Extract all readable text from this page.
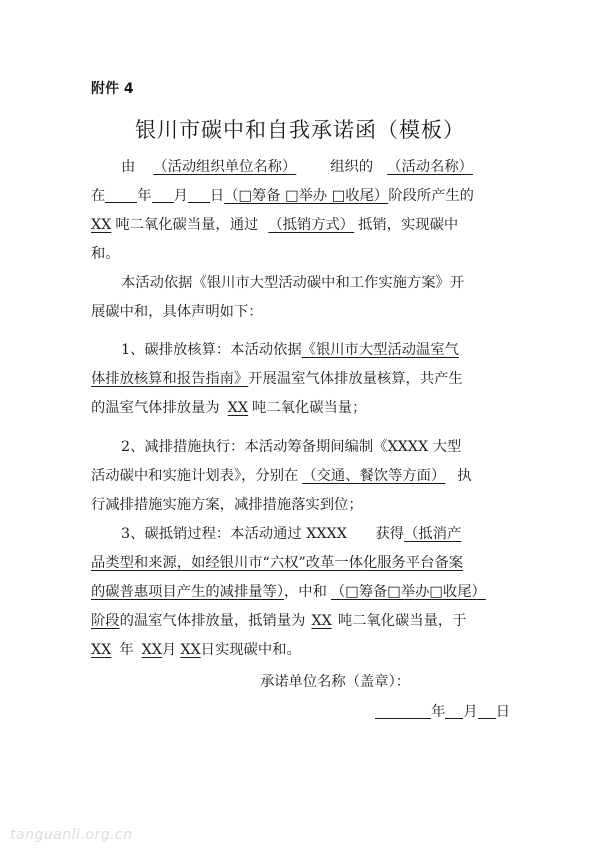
附件 4
银川市碳中和自我承诺函（模板）
由 （活动组织单位名称） 组织的 （活动名称）
在 年 月 日（□筹备 □举办 □收尾）阶段所产生的
XX 吨二氧化碳当量，通过 （抵销方式） 抵销，实现碳中
和。
本活动依据《银川市大型活动碳中和工作实施方案》开
展碳中和，具体声明如下：
1、碳排放核算：本活动依据《银川市大型活动温室气
体排放核算和报告指南》开展温室气体排放量核算，共产生
的温室气体排放量为 XX 吨二氧化碳当量；
2、减排措施执行：本活动筹备期间编制《XXXX 大型
活动碳中和实施计划表》，分别在 （交通、餐饮等方面） 执
行减排措施实施方案，减排措施落实到位；
3、碳抵销过程：本活动通过 XXXX　　获得（抵消产
品类型和来源，如经银川市“六权”改革一体化服务平台备案
的碳普惠项目产生的减排量等），中和 （□筹备□举办□收尾）
阶段的温室气体排放量，抵销量为 XX 吨二氧化碳当量，于
XX 年 XX月 XX日实现碳中和。
承诺单位名称（盖章）：
年 月 日
tanguanli.org.cn
